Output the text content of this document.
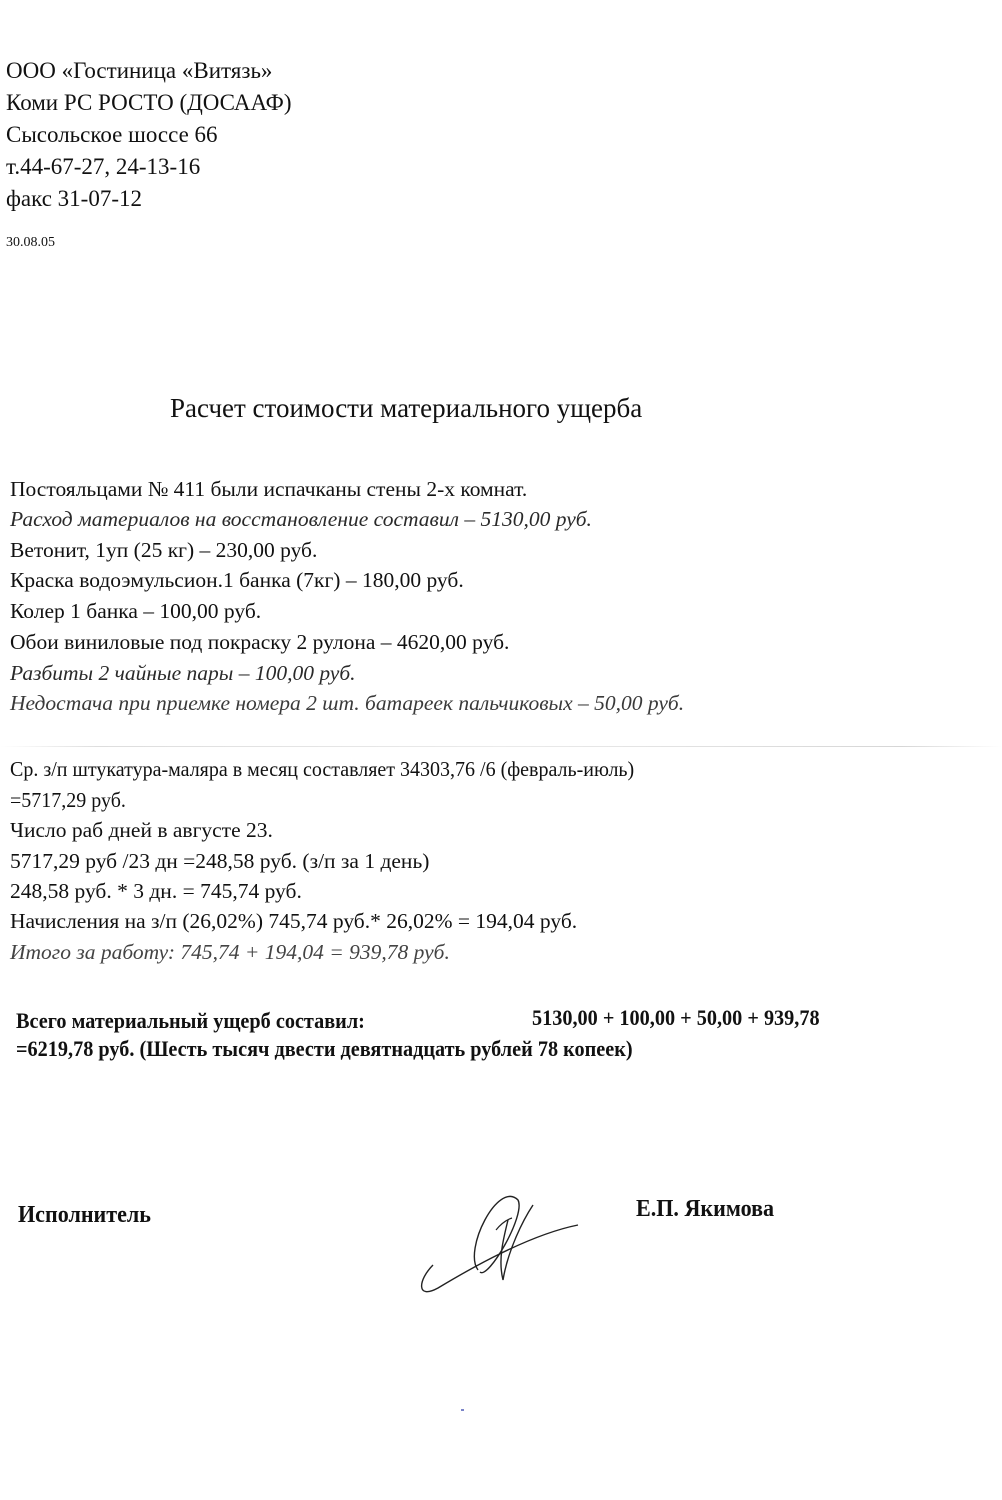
ООО «Гостиница «Витязь»
Коми РС РОСТО (ДОСААФ)
Сысольское шоссе 66
т.44-67-27, 24-13-16
факс 31-07-12
30.08.05
Расчет стоимости материального ущерба
Постояльцами № 411 были испачканы стены 2-х комнат.
Расход материалов на восстановление составил – 5130,00 руб.
Ветонит, 1уп (25 кг) – 230,00 руб.
Краска водоэмульсион.1 банка (7кг) – 180,00 руб.
Колер 1 банка – 100,00 руб.
Обои виниловые под покраску 2 рулона – 4620,00 руб.
Разбиты 2 чайные пары – 100,00 руб.
Недостача при приемке номера 2 шт. батареек пальчиковых – 50,00 руб.
Ср. з/п штукатура-маляра в месяц составляет 34303,76 /6 (февраль-июль)
=5717,29 руб.
Число раб дней в августе 23.
5717,29 руб /23 дн =248,58 руб. (з/п за 1 день)
248,58 руб. * 3 дн. = 745,74 руб.
Начисления на з/п (26,02%) 745,74 руб.* 26,02% = 194,04 руб.
Итого за работу: 745,74 + 194,04 = 939,78 руб.
Всего материальный ущерб составил:	5130,00 + 100,00 + 50,00 + 939,78
=6219,78 руб. (Шесть тысяч двести девятнадцать рублей 78 копеек)
Исполнитель	Е.П. Якимова
